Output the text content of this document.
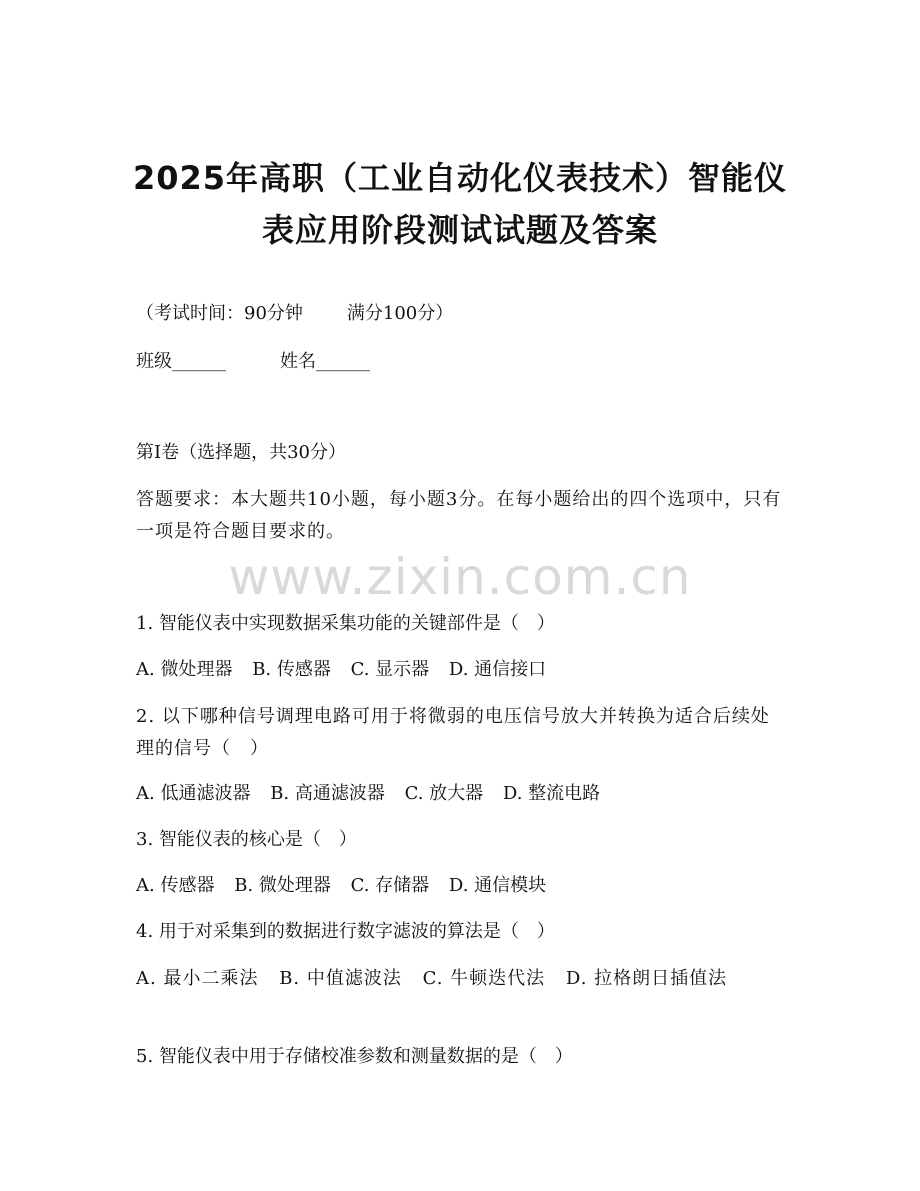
2025年高职（工业自动化仪表技术）智能仪
表应用阶段测试试题及答案
（考试时间：90分钟 满分100分）
班级______	姓名______
第I卷（选择题，共30分）
答题要求：本大题共10小题，每小题3分。在每小题给出的四个选项中，只有一项是符合题目要求的。
www.zixin.com.cn
1. 智能仪表中实现数据采集功能的关键部件是（　）
A. 微处理器 B. 传感器 C. 显示器 D. 通信接口
2. 以下哪种信号调理电路可用于将微弱的电压信号放大并转换为适合后续处理的信号（　）
A. 低通滤波器 B. 高通滤波器 C. 放大器 D. 整流电路
3. 智能仪表的核心是（　）
A. 传感器 B. 微处理器 C. 存储器 D. 通信模块
4. 用于对采集到的数据进行数字滤波的算法是（　）
A. 最小二乘法 B. 中值滤波法 C. 牛顿迭代法 D. 拉格朗日插值法
5. 智能仪表中用于存储校准参数和测量数据的是（　）
